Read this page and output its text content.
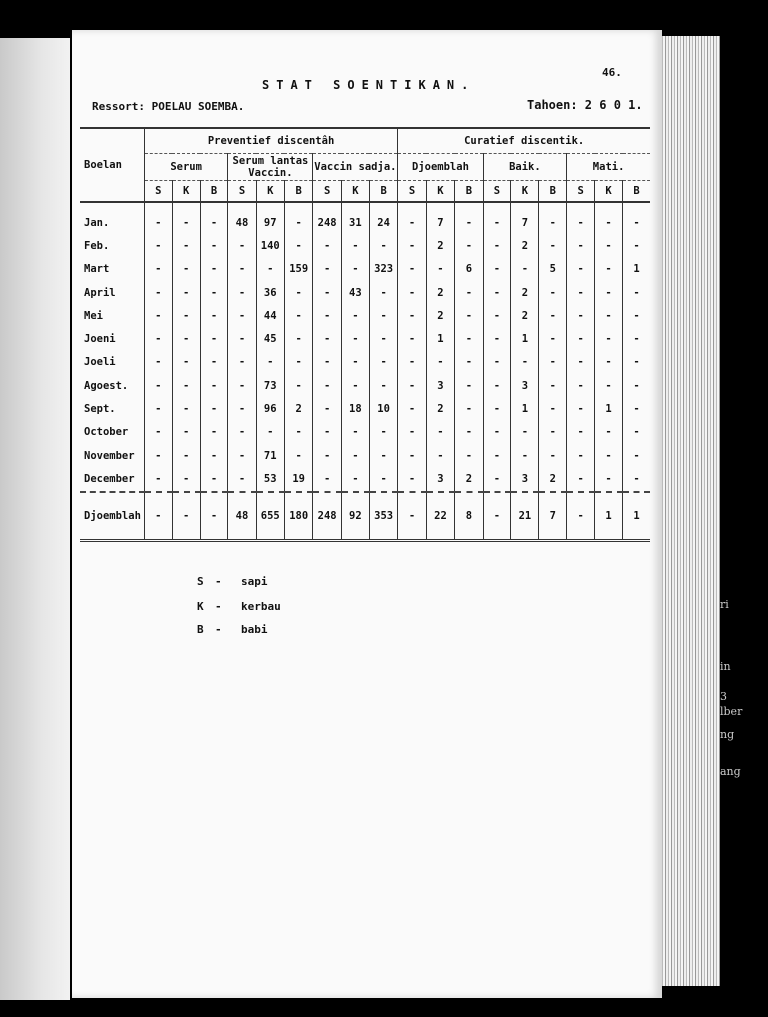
ri
in
3
lber
ng
ang
46.
STAT SOENTIKAN.
Ressort: POELAU SOEMBA.	Tahoen: 2 6 0 1.
Boelan	Preventief discentâh									Curatief discentik.								
	Serum			Serum lantas Vaccin.			Vaccin sadja.			Djoemblah			Baik.			Mati.		
	S	K	B	S	K	B	S	K	B	S	K	B	S	K	B	S	K	B
Jan.	-	-	-	48	97	-	248	31	24	-	7	-	-	7	-	-	-	-
Feb.	-	-	-	-	140	-	-	-	-	-	2	-	-	2	-	-	-	-
Mart	-	-	-	-	-	159	-	-	323	-	-	6	-	-	5	-	-	1
April	-	-	-	-	36	-	-	43	-	-	2	-	-	2	-	-	-	-
Mei	-	-	-	-	44	-	-	-	-	-	2	-	-	2	-	-	-	-
Joeni	-	-	-	-	45	-	-	-	-	-	1	-	-	1	-	-	-	-
Joeli	-	-	-	-	-	-	-	-	-	-	-	-	-	-	-	-	-	-
Agoest.	-	-	-	-	73	-	-	-	-	-	3	-	-	3	-	-	-	-
Sept.	-	-	-	-	96	2	-	18	10	-	2	-	-	1	-	-	1	-
October	-	-	-	-	-	-	-	-	-	-	-	-	-	-	-	-	-	-
November	-	-	-	-	71	-	-	-	-	-	-	-	-	-	-	-	-	-
December	-	-	-	-	53	19	-	-	-	-	3	2	-	3	2	-	-	-
Djoemblah	-	-	-	48	655	180	248	92	353	-	22	8	-	21	7	-	1	1
S - sapi
K - kerbau
B - babi
